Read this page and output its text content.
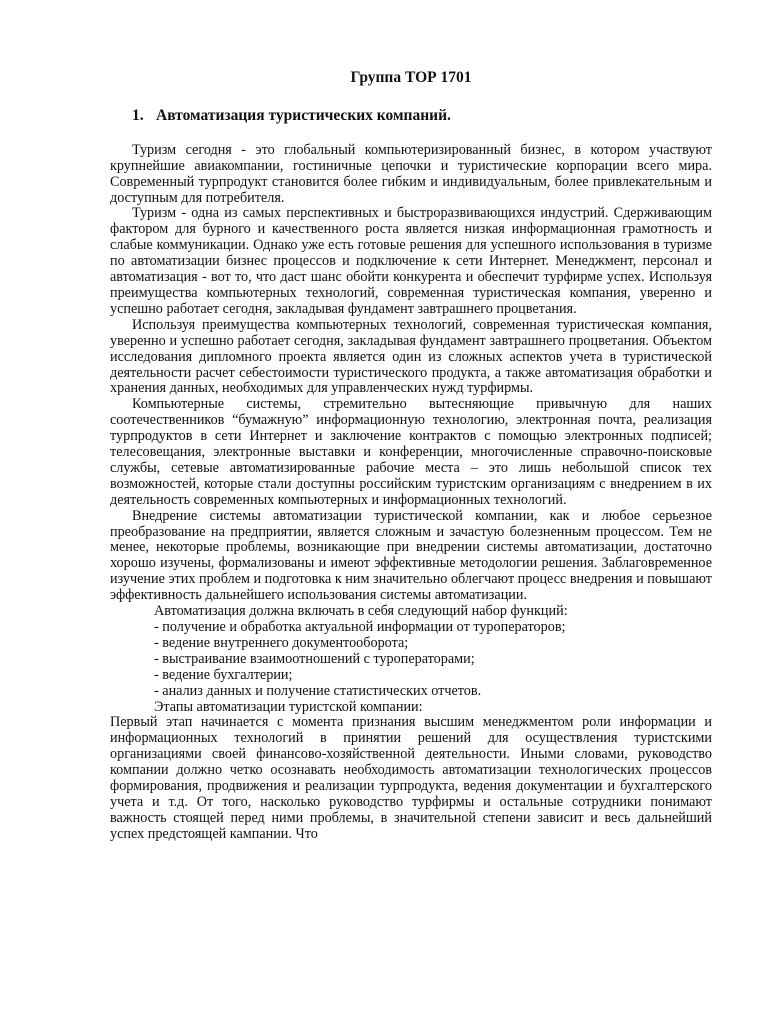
Группа ТОР 1701
1. Автоматизация туристических компаний.

Туризм сегодня - это глобальный компьютеризированный бизнес, в котором участвуют крупнейшие авиакомпании, гостиничные цепочки и туристические корпорации всего мира. Современный турпродукт становится более гибким и индивидуальным, более привлекательным и доступным для потребителя.

Туризм - одна из самых перспективных и быстроразвивающихся индустрий. Сдерживающим фактором для бурного и качественного роста является низкая информационная грамотность и слабые коммуникации. Однако уже есть готовые решения для успешного использования в туризме по автоматизации бизнес процессов и подключение к сети Интернет. Менеджмент, персонал и автоматизация - вот то, что даст шанс обойти конкурента и обеспечит турфирме успех. Используя преимущества компьютерных технологий, современная туристическая компания, уверенно и успешно работает сегодня, закладывая фундамент завтрашнего процветания.

Используя преимущества компьютерных технологий, современная туристическая компания, уверенно и успешно работает сегодня, закладывая фундамент завтрашнего процветания. Объектом исследования дипломного проекта является один из сложных аспектов учета в туристической деятельности расчет себестоимости туристического продукта, а также автоматизация обработки и хранения данных, необходимых для управленческих нужд турфирмы.

Компьютерные системы, стремительно вытесняющие привычную для наших соотечественников “бумажную” информационную технологию, электронная почта, реализация турпродуктов в сети Интернет и заключение контрактов с помощью электронных подписей; телесовещания, электронные выставки и конференции, многочисленные справочно-поисковые службы, сетевые автоматизированные рабочие места – это лишь небольшой список тех возможностей, которые стали доступны российским туристским организациям с внедрением в их деятельность современных компьютерных и информационных технологий.

Внедрение системы автоматизации туристической компании, как и любое серьезное преобразование на предприятии, является сложным и зачастую болезненным процессом. Тем не менее, некоторые проблемы, возникающие при внедрении системы автоматизации, достаточно хорошо изучены, формализованы и имеют эффективные методологии решения. Заблаговременное изучение этих проблем и подготовка к ним значительно облегчают процесс внедрения и повышают эффективность дальнейшего использования системы автоматизации.

Автоматизация должна включать в себя следующий набор функций:

- получение и обработка актуальной информации от туроператоров;
- ведение внутреннего документооборота;
- выстраивание взаимоотношений с туроператорами;
- ведение бухгалтерии;
- анализ данных и получение статистических отчетов.

Этапы автоматизации туристской компании:

Первый этап начинается с момента признания высшим менеджментом роли информации и информационных технологий в принятии решений для осуществления туристскими организациями своей финансово-хозяйственной деятельности. Иными словами, руководство компании должно четко осознавать необходимость автоматизации технологических процессов формирования, продвижения и реализации турпродукта, ведения документации и бухгалтерского учета и т.д. От того, насколько руководство турфирмы и остальные сотрудники понимают важность стоящей перед ними проблемы, в значительной степени зависит и весь дальнейший успех предстоящей кампании. Что
